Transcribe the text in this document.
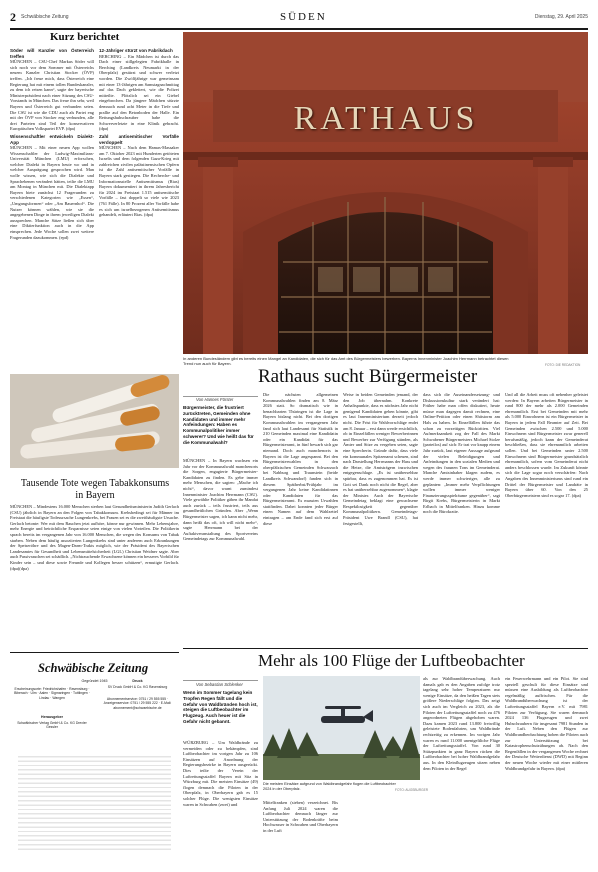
2 Schwäbische Zeitung	SÜDEN	Dienstag, 29. April 2025
Kurz berichtet
Söder will Kanzler von Österreich treffen

MÜNCHEN – CSU-Chef Markus Söder will sich noch vor dem Sommer mit Österreichs neuem Kanzler Christian Stocker (ÖVP) treffen. „Ich freue mich, dass Österreich eine Regierung hat mit einem tollen Bundeskanzler, zu dem ich reisen kann“, sagte der bayerische Ministerpräsident nach einer Sitzung des CSU-Vorstands in München. Das freue ihn sehr, weil Bayern und Österreich gut verbunden seien. Die CSU ist wie die CDU auch als Partei eng mit der ÖVP von Stocker eng verbunden, alle drei Parteien sind Teil der konservativen Europäischen Volkspartei EVP. (dpa)

Wissenschaftler entwickeln Dialekt-App

MÜNCHEN – Mit einer neuen App wollen Wissenschaftler der Ludwig-Maximilians-Universität München (LMU) erforschen, welcher Dialekt in Bayern heute wo und in welcher Ausprägung gesprochen wird. Man wolle wissen, wie sich die Dialekte und Sprachebenen verändert hätten, teilte die LMU am Montag in München mit. Die Dialektapp Bayern biete zunächst 12 Fragerunden zu verschiedenen Kategorien wie „Essen“, „Umgangsformen“ oder „Am Bauernhof“. Die Nutzer können wählen, wie sie die angegebenen Dinge in ihrem jeweiligen Dialekt aussprechen. Manche Sätze ließen sich über eine Diktierfunktion auch in die App einsprechen. Jede Woche sollen zwei weitere Fragerunden dazukommen. (epd)

12-Jähriger stürzt von Fabrikdach

BERCHING – Ein Mädchen ist durch das Dach einer stillgelegten Fabrikhalle in Berching (Landkreis Neumarkt in der Oberpfalz) gestürzt und schwer verletzt worden. Die Zwölfjährige war gemeinsam mit einer 13-Jährigen am Samstagnachmittag auf das Dach geklettert, wie die Polizei mitteilte. Plötzlich sei ein Giebel eingebrochen. Da jüngere Mädchen stürzte demnach rund acht Meter in die Tiefe und prallte auf den Betonboden der Halle. Ein Rettungshubschrauber habe die Schwerverletzte in eine Klinik gebracht. (dpa)

Zahl antisemitischer Vorfälle verdoppelt

MÜNCHEN – Nach dem Hamas-Massaker am 7. Oktober 2023 mit Hunderten getöteten Israelis und dem folgenden Gaza-Krieg mit zahlreichen zivilen palästinensischen Opfern ist die Zahl antisemitischer Vorfälle in Bayern stark gestiegen. Die Recherche- und Informationsstelle Antisemitismus (Rias) Bayern dokumentiert in ihrem Jahresbericht für 2024 im Freistaat 1.515 antisemitische Vorfälle – fast doppelt so viele wie 2023 (761 Fälle). In 80 Prozent aller Vorfälle habe es sich um israelbezogenen Antisemitismus gehandelt, erläutert Rias. (dpa)

RATHAUS
In anderen Bundesländern gibt es bereits einen Mangel an Kandidaten, die sich für das Amt des Bürgermeisters bewerben. Bayerns Innenminister Joachim Herrmann betrachtet diesen Trend nun auch für Bayern.	FOTO: DIE REDAKTION
Tausende Tote wegen Tabakkonsums in Bayern
MÜNCHEN – Mindestens 16.000 Menschen sterben laut Gesundheitsministerin Judith Gerlach (CSU) jährlich in Bayern an den Folgen von Tabakkonsum. Krebsbedingt sei für Männer im Freistaat die häufigste Todesursache Lungenkrebs, bei Frauen sei es die zweithäufigste Ursache. Gerlach betonte: Wer mit dem Rauchen jetzt aufhöre, könne nur gewinnen. Mehr Lebensjahre, mehr Energie und beträchtliche Ersparnisse seien einige von vielen Vorteilen. Die Politikerin sprach bereits im vergangenen Jahr von 16.000 Menschen, die wegen des Konsums von Tabak starben. Neben dem häufig assoziierten Lungenkrebs sind unter anderem auch Erkrankungen der Speiseröhre und des Magen-Darm-Trakts möglich, wie der Präsident des Bayerischen Landesamtes für Gesundheit und Lebensmittelsicherheit (LGL) Christian Weidner sagte. Aber auch Passivrauchen sei schädlich. „Nichtrauchende Erwachsene können ein besseres Vorbild für Kinder sein – und diese sowie Freunde und Kollegen besser schützen“, ermutigte Gerlach. (dpa)(dpa)
Rathaus sucht Bürgermeister
Von Hannes Förster
Bürgermeister, die frustriert zurücktreten, Gemeinden ohne Kandidaten und immer mehr Anfeindungen: Haben es Kommunalpolitiker immer schwerer? Und wie heißt das für die Kommunalwahl?
MÜNCHEN – In Bayern wachsen ein Jahr vor der Kommunalwahl manchenorts die Sorgen, engagierte Bürgermeister-Kandidaten zu finden. Es gebe immer mehr Menschen, die sagten: „Mache ich nicht“, davor warnt zumindest Innenminister Joachim Herrmann (CSU). Viele gewählte Politiker gäben ihr Mandat auch zurück – teils frustriert, teils aus gesundheitlichen Gründen. Aber „Wenn Bürgermeister sagen, ich kann nicht mehr, dann heißt das oft, ich will nicht mehr“, sagte Herrmann bei der Auftaktveranstaltung des Sportvereins Gemeindetags zur Kommunalwahl.
Die nächsten allgemeinen Kommunalwahlen finden am 8. März 2026 statt. So dramatisch wie in benachbarten Thüringen ist die Lage in Bayern bislang nicht. Bei den dortigen Kommunalwahlen im vergangenen Jahr fand sich laut Landesamt für Statistik in 210 Gemeinden maximal eine Kandidatin oder ein Kandidat für das Bürgermeisteramt, in fünf bewarb sich gar niemand. Doch auch manchenorts in Bayern ist die Lage angespannt. Bei den Bürgermeisterwahlen in den oberpfälzischen Gemeinden Schwarzach bei Nabburg und Traunstein (beide Landkreis Schwandorf) fanden sich in diesem Spätherbst/Frühjahr im vergangenen Jahr keine Kandidatinnen oder Kandidaten für das Bürgermeisteramt. Es mussten Urwahlen stattfinden. Dabei konnten jeder Bürger einen Namen auf dem Wahlzettel eintragen – am Ende fand sich erst auf diese
Weise in beiden Gemeinden jemand, der den Job übernahm. Konkrete Anhaltspunkte, dass es nächstes Jahr nicht genügend Kandidaten geben könnte, gibt es laut Innenministerium derzeit jedoch nicht. Die Frist für Wahlvorschläge endet am 8. Januar – erst dann werde ersichtlich, ob in Einzelfällen weniger Bewerberinnen und Bewerber zur Verfügung stünden, als Ämter und Sitze zu vergeben seien, sagte eine Sprecherin. Gründe dafür, dass viele ein kommunales Spitzenamt scheuen, sind nach Darstellung Herrmanns der Hass und die Hetze, die Amtsträgern inzwischen entgegenschlage. „Es ist unübersehbar spürbar, dass es zugenommen hat. Es ist Gott sei Dank noch nicht die Regel, aber es hat unübersehbar zugenommen“, klagte der Minister. Auch der Bayerische Gemeindetag beklagt eine gewachsene Respektlosigkeit gegenüber Kommunalpolitikern. Gemeindetags-Präsident Uwe Brandl (CSU), hat festgestellt,
dass sich die Auseinandersetzung- und Diskussionskultur stark verändert hat: Früher habe man offen diskutiert, heute müsse man dagegen damit rechnen, eine Online-Petition oder einen Shitstorm am Hals zu haben. In Einzelfällen führte das schon zu vorzeitigen Rücktritten. Viel Aufmerksamkeit zog der Fall des Markt Schwabener Bürgermeisters Michael Stolze (parteilos) auf sich: Er trat vor knapp einem Jahr zurück, laut eigener Aussage aufgrund der vielen Beleidigungen und Anfeindungen in den sozialen Medien und wegen des fraunen Tons im Gemeinderat. Manche Amtsinhaber klagen zudem, es werde immer schwieriger, alle zu geplanten: „Immer mehr Verpflichtungen wollen immer weniger Finanzierungsspielräume gegenüber“, sagt Birgit Krebs, Bürgermeisterin in Markt Erlbach in Mittelfranken. Hinzu komme noch die Bürokratie.
Und all die Arbeit muss oft nebenher geleistet werden: In Bayern arbeiten Bürgermeister in rund 800 der mehr als 2.000 Gemeinden ehrenamtlich. Erst bei Gemeinden mit mehr als 5.000 Einwohnern ist ein Bürgermeister in Bayern in jedem Fall Beamter auf Zeit. Bei Gemeinden zwischen 2.500 und 5.000 Einwohnern sind Bürgermeister zwar generell berufsmäßig, jedoch kann der Gemeinderat beschließen, dass sie ehrenamtlich arbeiten sollen. Und bei Gemeinden unter 2.500 Einwohnern sind Bürgermeister grundsätzlich ehrenamtlich, sofern vom Gemeinderat nicht anders beschlossen wurde. Im Zukunft könnte sich die Lage sogar noch verschärfen: Nach Angaben des Innenministeriums sind rund ein Drittel der Bürgermeister und Landräte in Bayern über 60. Von den 25 Oberbürgermeistern sind es sogar 17. (dpa)
Schwäbische Zeitung
Gegründet 1945
Erscheinungsorte: Friedrichshafen · Ravensburg · Biberach · Ulm · Aalen · Sigmaringen · Tuttlingen · Lindau · Wangen
Herausgeber
Schwäbischer Verlag GmbH & Co. KG Drexler Gessler
Druck
SV Druck GmbH & Co. KG Ravensburg
Abonnementservice: 0751 / 29 555 555 · Anzeigenservice: 0751 / 29 555 222 · E-Mail: abonnement@schwaebische.de
Mehr als 100 Flüge der Luftbeobachter
Von Sebastian Schlenker
Wenn im Sommer tagelang kein Tropfen Regen fällt und die Gefahr von Waldbränden hoch ist, steigen die Luftbeobachter im Flugzeug. Auch heuer ist die Gefahr nicht gebannt.
WÜRZBURG – Um Waldbrände zu vermeiden oder zu bekämpfen, sind Luftbeobachter im vorigen Jahr zu 106 Einsätzen auf Anordnung der Regierungsbezirke in Bayern ausgerückt. Dies teilte der Verein der Luftrettungsstaffel Bayern mit Sitz in Würzburg mit. Die meisten Einsätze (49) flogen demnach die Piloten in der Oberpfalz, in Oberbayern gab es 15 solcher Flüge. Die wenigsten Einsätze waren in Schwaben (zwei) und
Die meisten Einsätze aufgrund von Waldbrandgefahr flogen die Luftbeobachter 2024 in der Oberpfalz.	FOTO: AUGSBURGER
Mittelfranken (sieben) verzeichnet. Bis Anfang Juli 2024 waren die Luftbeobachter demnach länger zur Unterstützung der Bodenkräfte beim Hochwasser in Schwaben und Oberbayern in der Luft
als zur Waldbrandüberwachung. Auch damals gab es den Angaben zufolge trotz tagelang sehr hoher Temperaturen nur wenige Einsätze, da den heißen Tagen stets größere Niederschläge folgten. Das zeigt sich auch im Vergleich zu 2023, als die Piloten der Luftrettungsstaffel noch zu 476 angeordneten Flügen abgehoben waren. Dazu kamen 2023 rund 13.800 freiwillig geleistete Bodenfahrten, um Waldbrände rechtzeitig zu erkennen. Im vorigen Jahr waren es rund 11.000 unentgeltliche Flüge der Luftrettungsstaffel. Von rund 30 Stützpunkten in ganz Bayern rücken die Luftbeobachter bei hoher Waldbrandgefahr aus. In den Kleinflugzeugen sitzen neben dem Piloten in der Regel
ein Feuerwehrmann und ein Pilot. Sie sind speziell geschult für diese Einsätze und müssen eine Ausbildung als Luftbeobachter regelmäßig auffrischen. Für die Waldbrandüberwachung ist der Luftrettungsstaffel Bayern e.V. mit 7981 Piloten zur Verfügung. Sie waren demnach 2024 136 Flugzeugen und zwei Hubschraubern für insgesamt 7981 Stunden in der Luft. Neben den Flügen zur Waldbrandbeobachtung hoben die Piloten auch zur Unterstützung bei Katastrophenschutzübungen ab. Nach den Regenfällen in der vergangenen Woche rechnet der Deutsche Wetterdienst (DWD) mit Beginn der neuen Woche wieder mit einer mittleren Waldbrandgefahr in Bayern. (dpa)
